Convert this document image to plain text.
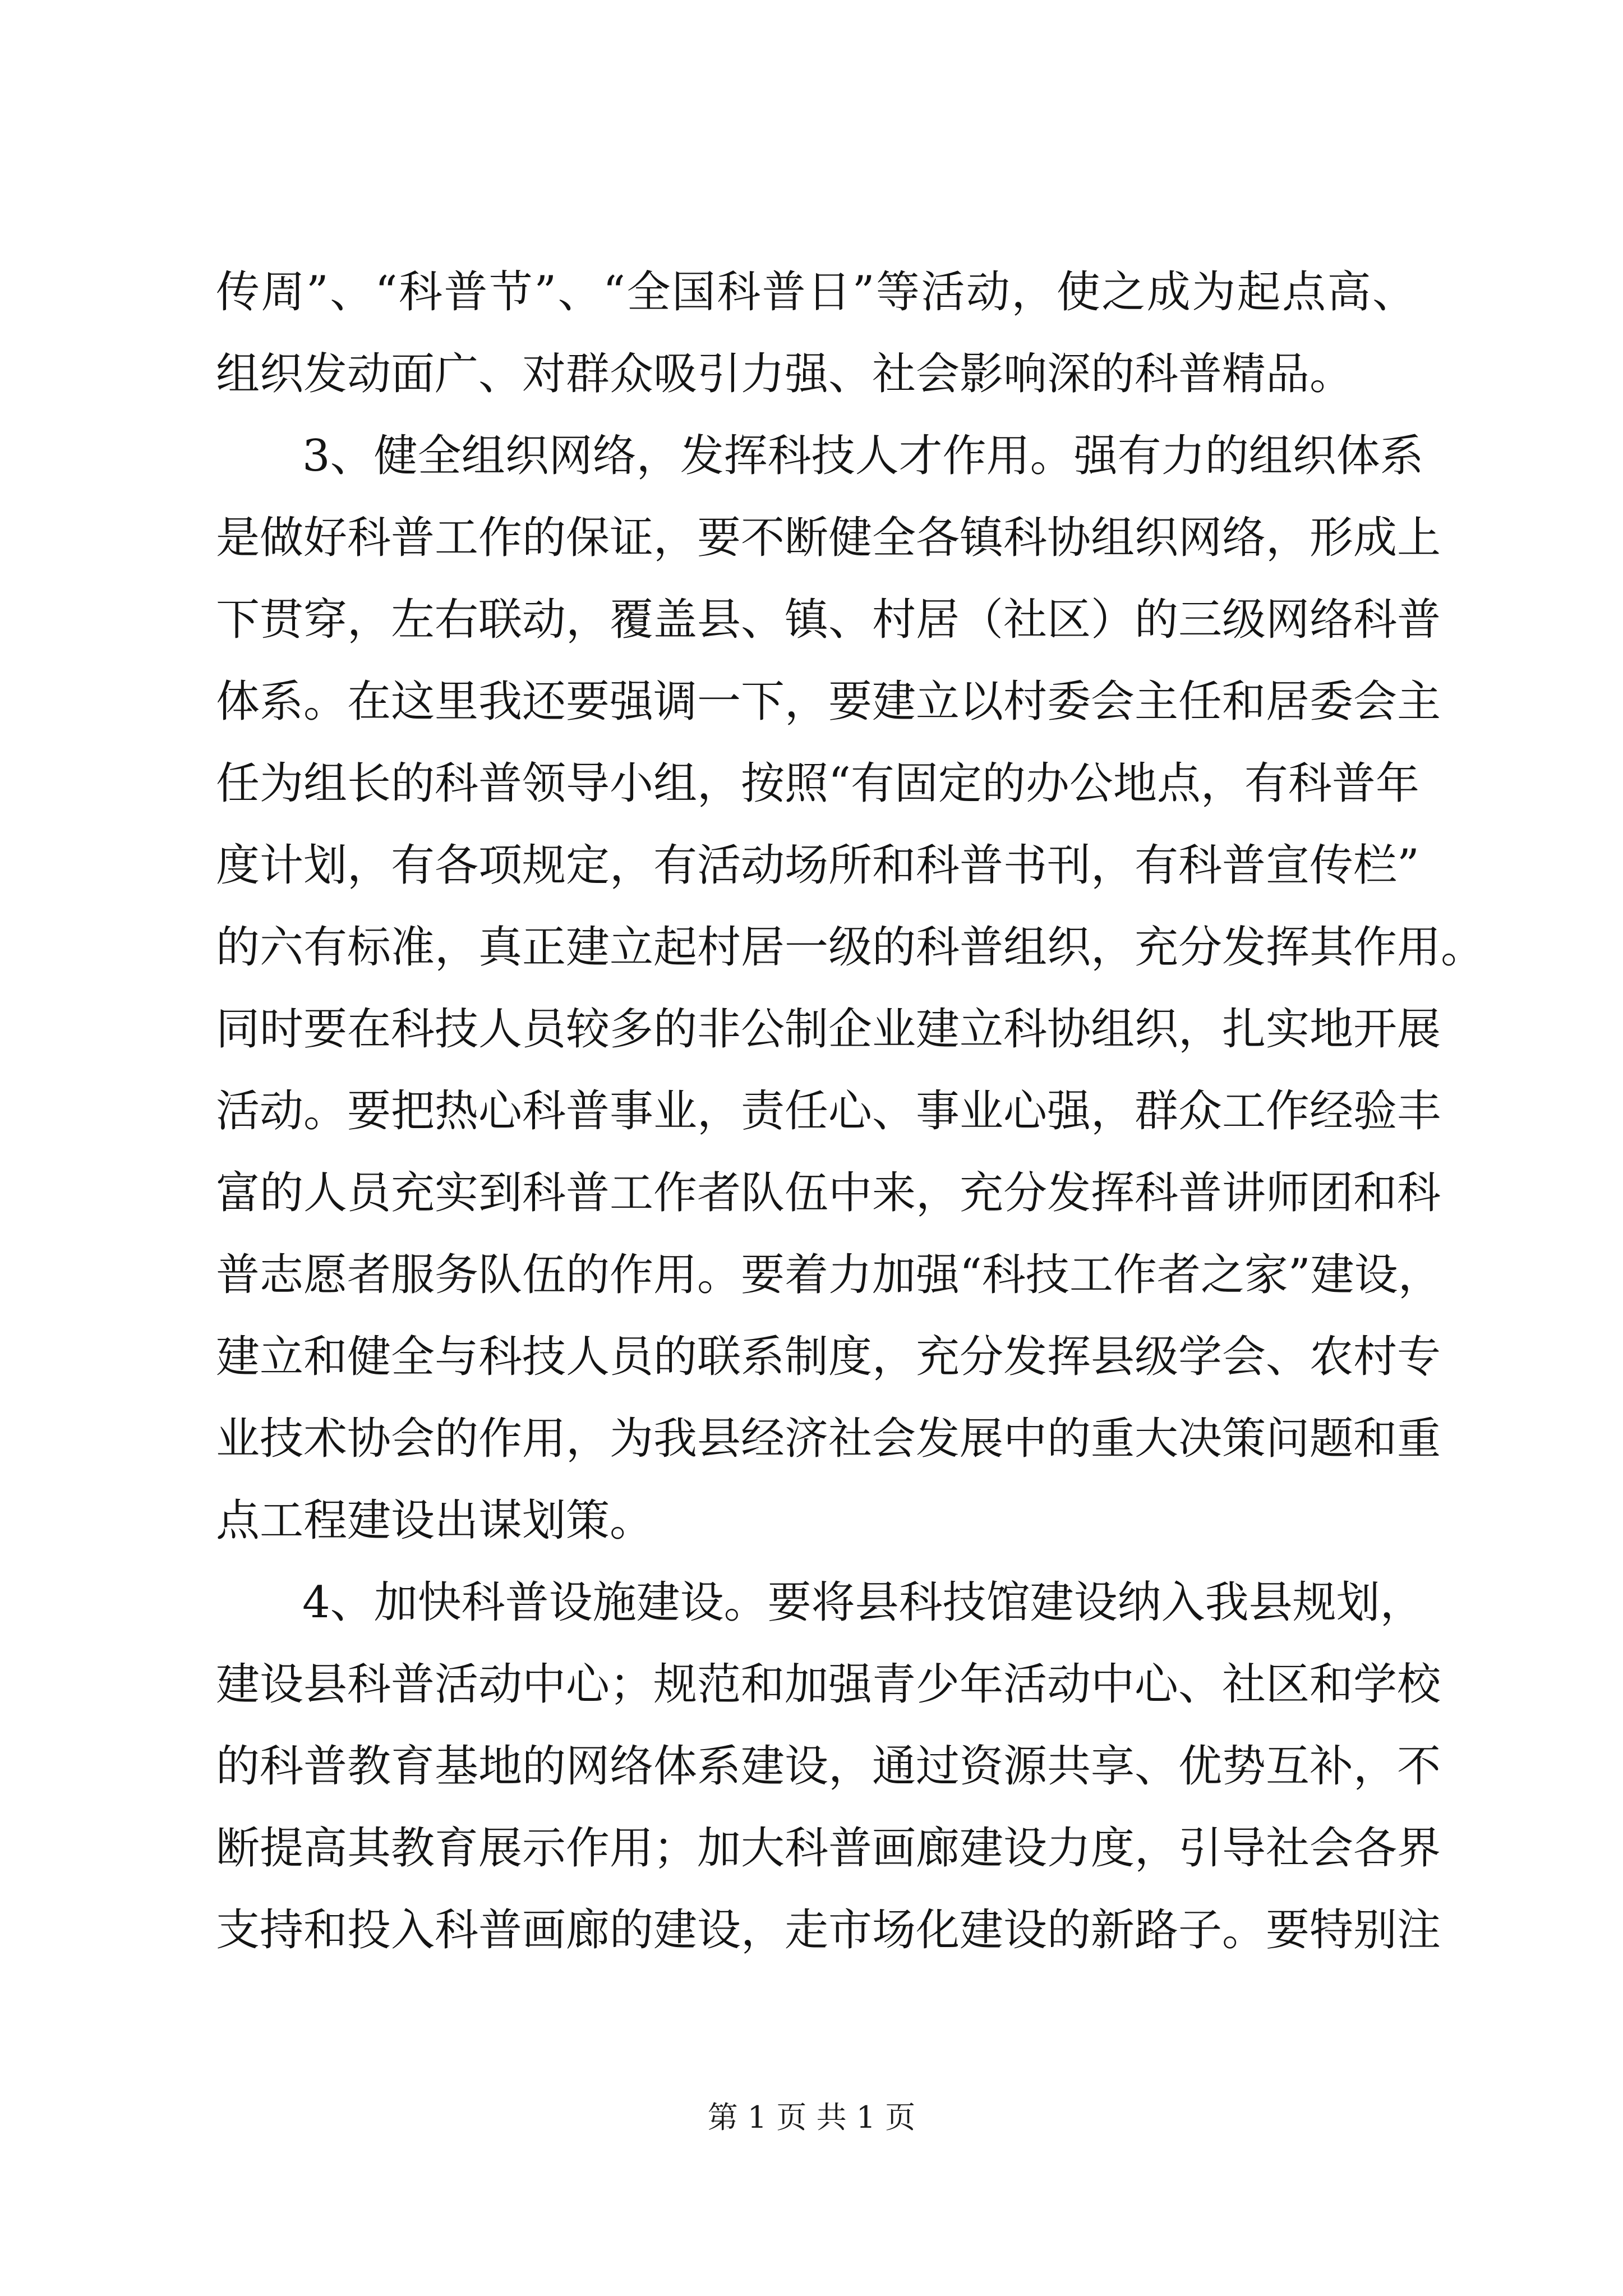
传周”、“科普节”、“全国科普日”等活动，使之成为起点高、
组织发动面广、对群众吸引力强、社会影响深的科普精品。
3、健全组织网络，发挥科技人才作用。强有力的组织体系
是做好科普工作的保证，要不断健全各镇科协组织网络，形成上
下贯穿，左右联动，覆盖县、镇、村居（社区）的三级网络科普
体系。在这里我还要强调一下，要建立以村委会主任和居委会主
任为组长的科普领导小组，按照“有固定的办公地点，有科普年
度计划，有各项规定，有活动场所和科普书刊，有科普宣传栏”
的六有标准，真正建立起村居一级的科普组织，充分发挥其作用。
同时要在科技人员较多的非公制企业建立科协组织，扎实地开展
活动。要把热心科普事业，责任心、事业心强，群众工作经验丰
富的人员充实到科普工作者队伍中来，充分发挥科普讲师团和科
普志愿者服务队伍的作用。要着力加强“科技工作者之家”建设，
建立和健全与科技人员的联系制度，充分发挥县级学会、农村专
业技术协会的作用，为我县经济社会发展中的重大决策问题和重
点工程建设出谋划策。
4、加快科普设施建设。要将县科技馆建设纳入我县规划，
建设县科普活动中心；规范和加强青少年活动中心、社区和学校
的科普教育基地的网络体系建设，通过资源共享、优势互补，不
断提高其教育展示作用；加大科普画廊建设力度，引导社会各界
支持和投入科普画廊的建设，走市场化建设的新路子。要特别注
第 1 页 共 1 页
